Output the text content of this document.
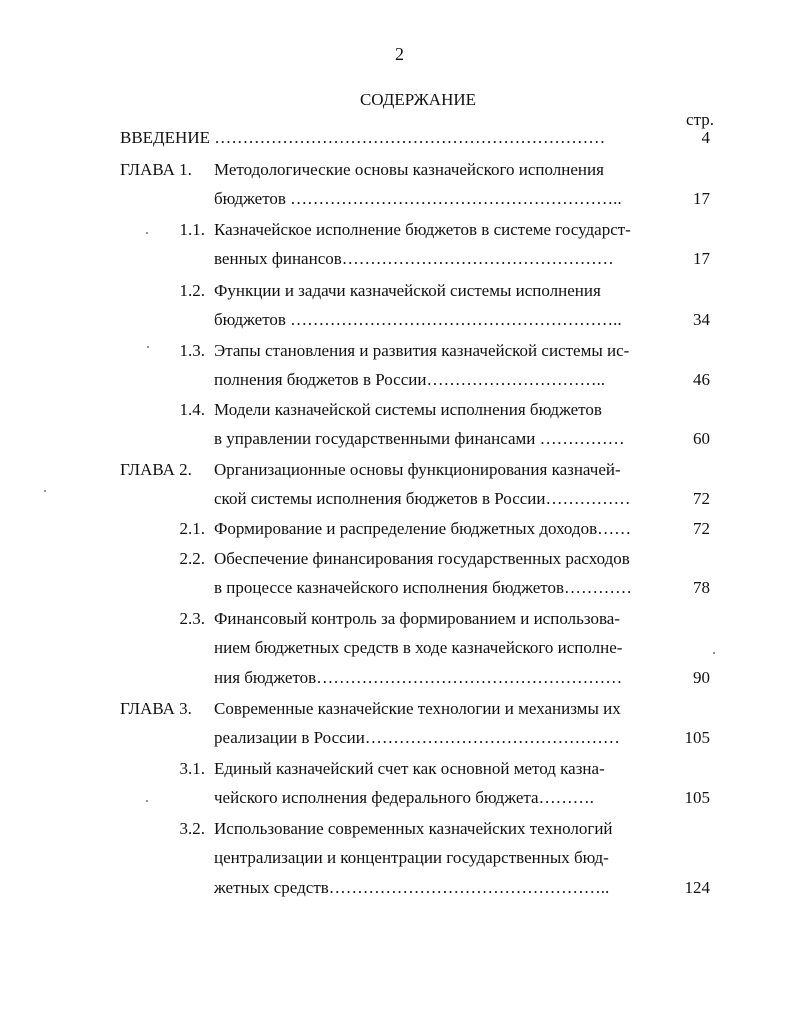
2
СОДЕРЖАНИЕ
стр.
ВВЕДЕНИЕ ……………………………………………………………	4
ГЛАВА 1.	Методологические основы казначейского исполнения
бюджетов …………………………………………………..	17
1.1. Казначейское исполнение бюджетов в системе государст-
венных финансов…………………………………………	17
1.2. Функции и задачи казначейской системы исполнения
бюджетов …………………………………………………..	34
1.3. Этапы становления и развития казначейской системы ис-
полнения бюджетов в России…………………………..	46
1.4. Модели казначейской системы исполнения бюджетов
в управлении государственными финансами ……………	60
ГЛАВА 2.	Организационные основы функционирования казначей-
ской системы исполнения бюджетов в России……………	72
2.1. Формирование и распределение бюджетных доходов……	72
2.2. Обеспечение финансирования государственных расходов
в процессе казначейского исполнения бюджетов…………	78
2.3. Финансовый контроль за формированием и использова-
нием бюджетных средств в ходе казначейского исполне-
ния бюджетов………………………………………………	90
ГЛАВА 3.	Современные казначейские технологии и механизмы их
реализации в России………………………………………	105
3.1. Единый казначейский счет как основной метод казна-
чейского исполнения федерального бюджета……….	105
3.2. Использование современных казначейских технологий
централизации и концентрации государственных бюд-
жетных средств…………………………………………..	124
